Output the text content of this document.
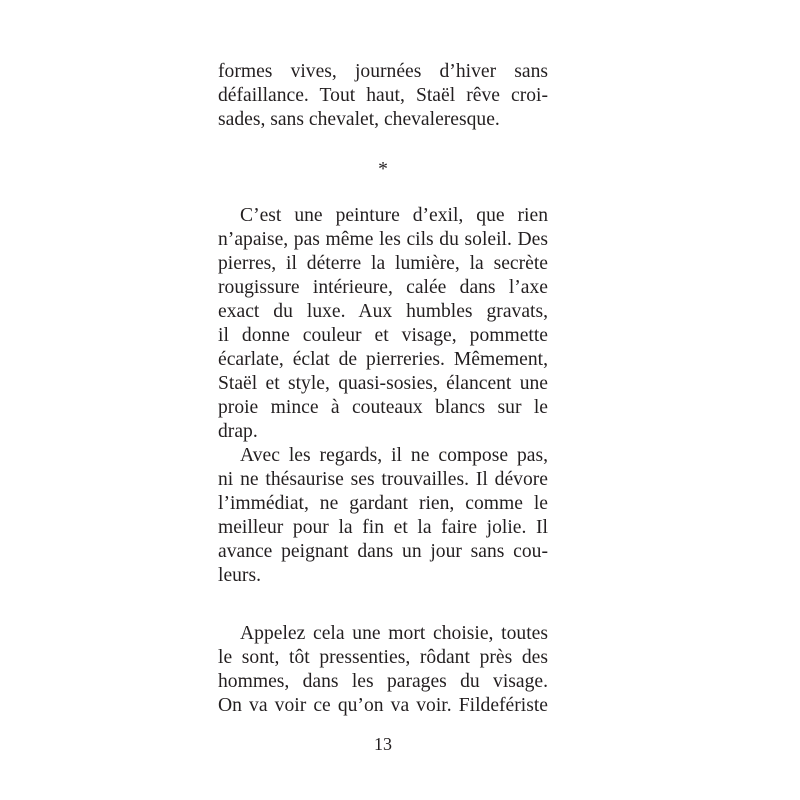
formes vives, journées d’hiver sans
défaillance. Tout haut, Staël rêve croi-
sades, sans chevalet, chevaleresque.
*
C’est une peinture d’exil, que rien
n’apaise, pas même les cils du soleil. Des
pierres, il déterre la lumière, la secrète
rougissure intérieure, calée dans l’axe
exact du luxe. Aux humbles gravats,
il donne couleur et visage, pommette
écarlate, éclat de pierreries. Mêmement,
Staël et style, quasi-sosies, élancent une
proie mince à couteaux blancs sur le
drap.
Avec les regards, il ne compose pas,
ni ne thésaurise ses trouvailles. Il dévore
l’immédiat, ne gardant rien, comme le
meilleur pour la fin et la faire jolie. Il
avance peignant dans un jour sans cou-
leurs.
Appelez cela une mort choisie, toutes
le sont, tôt pressenties, rôdant près des
hommes, dans les parages du visage.
On va voir ce qu’on va voir. Fildefériste
13
